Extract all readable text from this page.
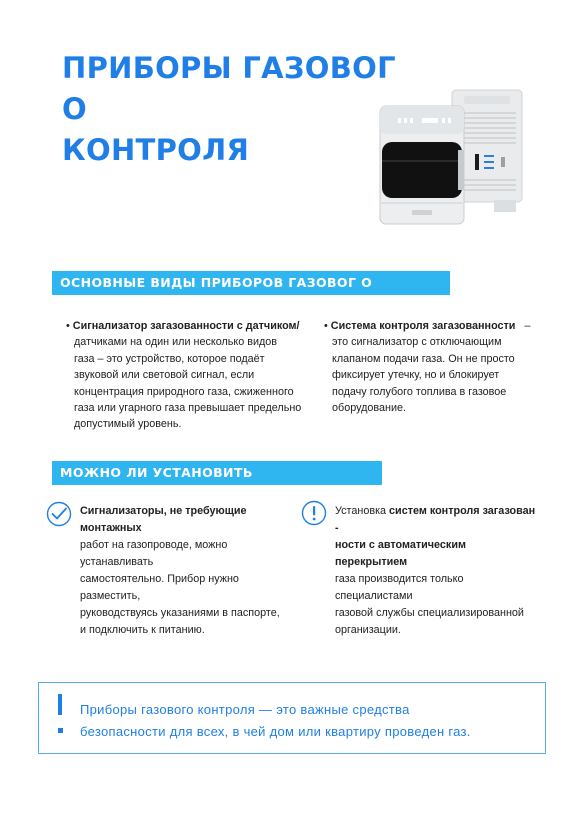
ПРИБОРЫ ГАЗОВОГ О
КОНТРОЛЯ
ОСНОВНЫЕ ВИДЫ ПРИБОРОВ ГАЗОВОГ О КОНТРОЛЯ
• Сигнализатор загазованности с датчиком/
датчиками на один или несколько видов
газа – это устройство, которое подаёт
звуковой или световой сигнал, если
концентрация природного газа, сжиженного
газа или угарного газа превышает предельно
допустимый уровень.
• Система контроля загазованности –
это сигнализатор с отключающим
клапаном подачи газа. Он не просто
фиксирует утечку, но и блокирует
подачу голубого топлива в газовое
оборудование.
МОЖНО ЛИ УСТАНОВИТЬ САМОСТОЯТЕЛЬНО
Сигнализаторы, не требующие монтажных
работ на газопроводе, можно устанавливать
самостоятельно. Прибор нужно разместить,
руководствуясь указаниями в паспорте,
и подключить к питанию.
Установка систем контроля загазован -
ности с автоматическим перекрытием
газа производится только специалистами
газовой службы специализированной
организации.
Приборы газового контроля — это важные средства
безопасности для всех, в чей дом или квартиру проведен газ.
